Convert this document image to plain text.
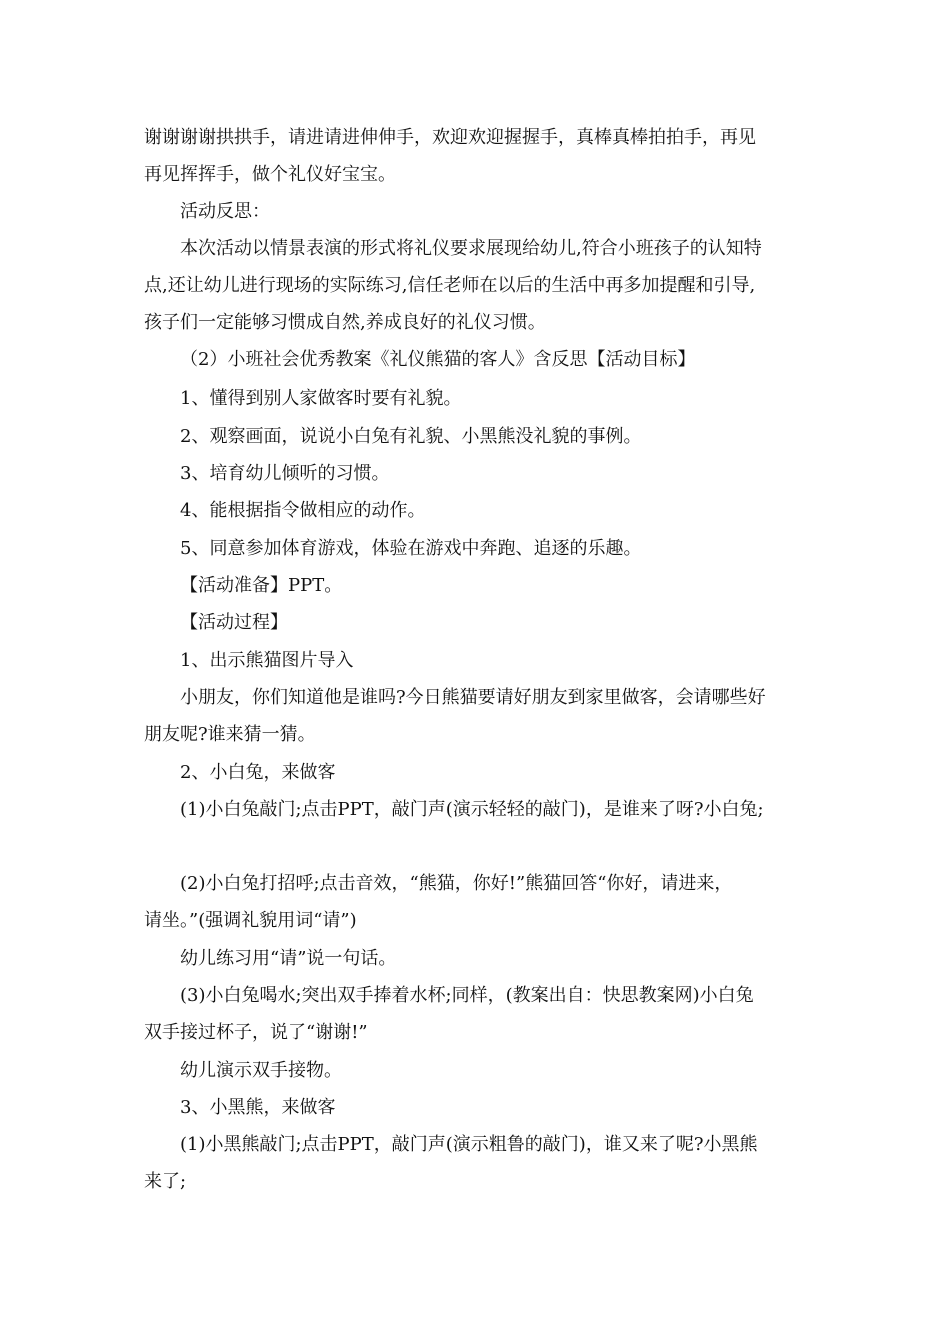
谢谢谢谢拱拱手，请进请进伸伸手，欢迎欢迎握握手，真棒真棒拍拍手，再见
再见挥挥手，做个礼仪好宝宝。

活动反思：

本次活动以情景表演的形式将礼仪要求展现给幼儿,符合小班孩子的认知特
点,还让幼儿进行现场的实际练习,信任老师在以后的生活中再多加提醒和引导,
孩子们一定能够习惯成自然,养成良好的礼仪习惯。

（2）小班社会优秀教案《礼仪熊猫的客人》含反思【活动目标】

1、懂得到别人家做客时要有礼貌。

2、观察画面，说说小白兔有礼貌、小黑熊没礼貌的事例。

3、培育幼儿倾听的习惯。

4、能根据指令做相应的动作。

5、同意参加体育游戏，体验在游戏中奔跑、追逐的乐趣。

【活动准备】PPT。

【活动过程】

1、出示熊猫图片导入

小朋友，你们知道他是谁吗?今日熊猫要请好朋友到家里做客，会请哪些好
朋友呢?谁来猜一猜。

2、小白兔，来做客

(1)小白兔敲门;点击PPT，敲门声(演示轻轻的敲门)，是谁来了呀?小白兔;

(2)小白兔打招呼;点击音效，“熊猫，你好!”熊猫回答“你好，请进来，
请坐。”(强调礼貌用词“请”)

幼儿练习用“请”说一句话。

(3)小白兔喝水;突出双手捧着水杯;同样，(教案出自：快思教案网)小白兔
双手接过杯子，说了“谢谢!”

幼儿演示双手接物。

3、小黑熊，来做客

(1)小黑熊敲门;点击PPT，敲门声(演示粗鲁的敲门)，谁又来了呢?小黑熊
来了;
